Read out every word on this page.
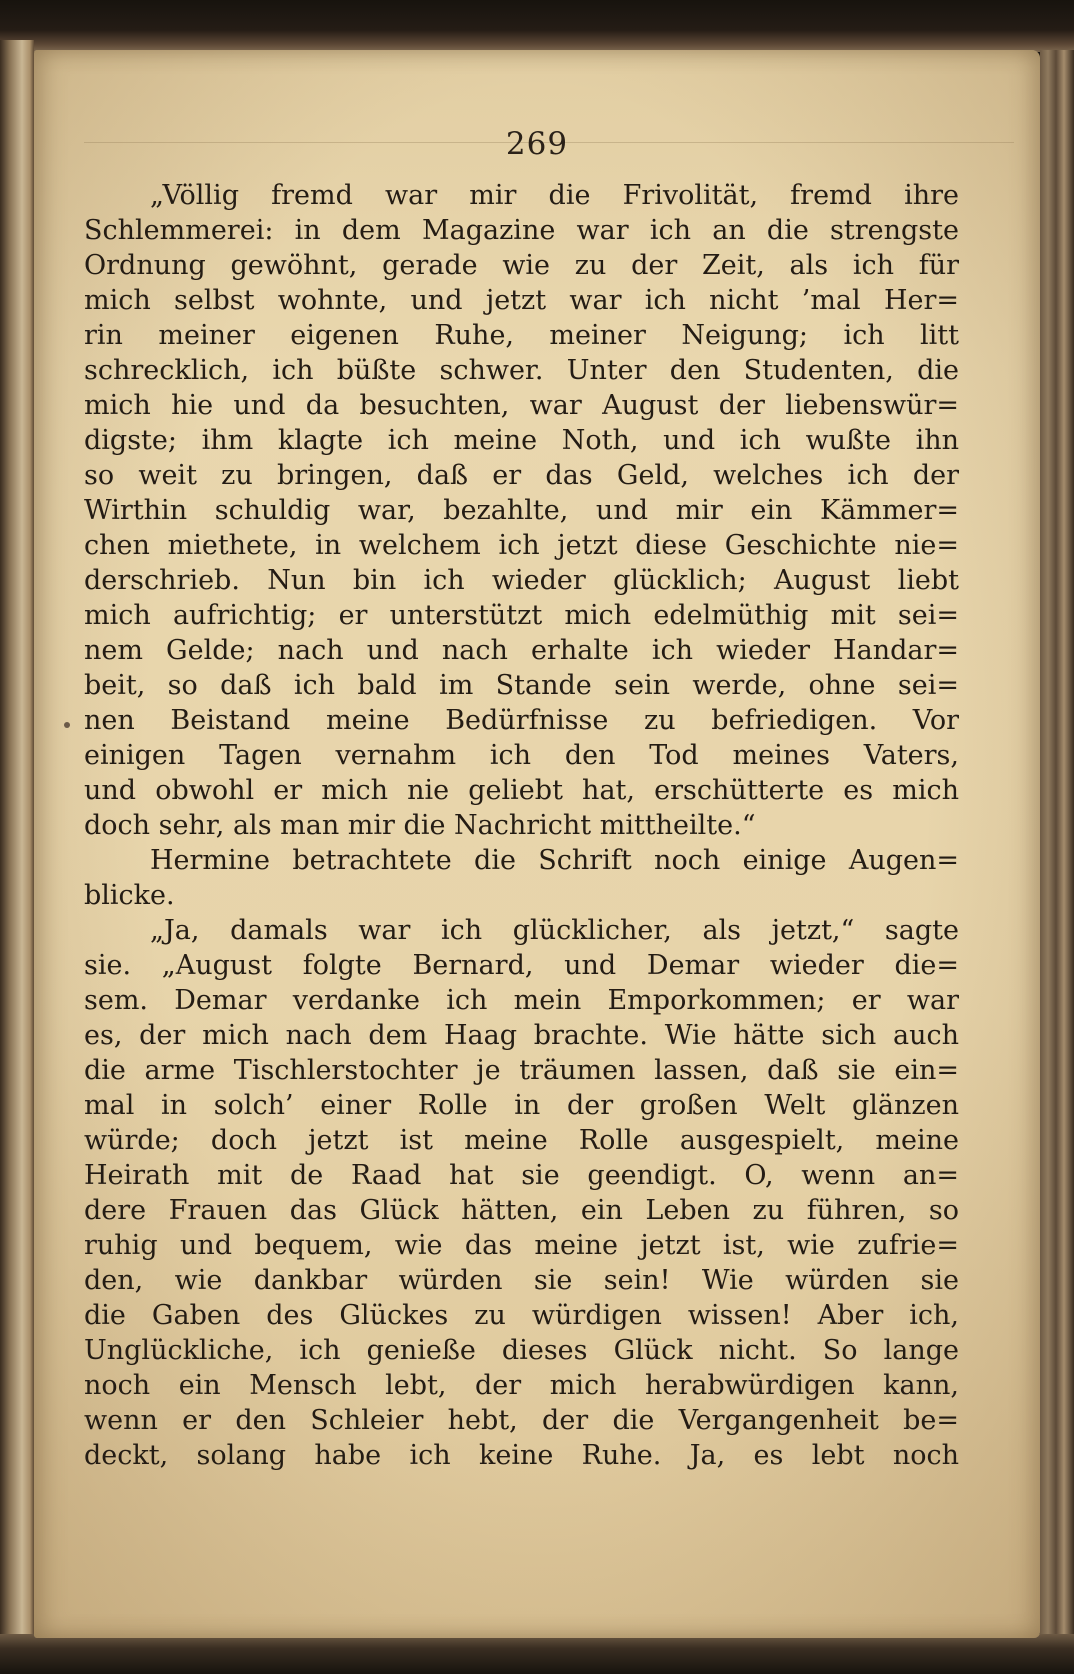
269
„Völlig fremd war mir die Frivolität, fremd ihre
Schlemmerei: in dem Magazine war ich an die strengste
Ordnung gewöhnt, gerade wie zu der Zeit, als ich für
mich selbst wohnte, und jetzt war ich nicht ’mal Her=
rin meiner eigenen Ruhe, meiner Neigung; ich litt
schrecklich, ich büßte schwer. Unter den Studenten, die
mich hie und da besuchten, war August der liebenswür=
digste; ihm klagte ich meine Noth, und ich wußte ihn
so weit zu bringen, daß er das Geld, welches ich der
Wirthin schuldig war, bezahlte, und mir ein Kämmer=
chen miethete, in welchem ich jetzt diese Geschichte nie=
derschrieb. Nun bin ich wieder glücklich; August liebt
mich aufrichtig; er unterstützt mich edelmüthig mit sei=
nem Gelde; nach und nach erhalte ich wieder Handar=
beit, so daß ich bald im Stande sein werde, ohne sei=
nen Beistand meine Bedürfnisse zu befriedigen. Vor
einigen Tagen vernahm ich den Tod meines Vaters,
und obwohl er mich nie geliebt hat, erschütterte es mich
doch sehr, als man mir die Nachricht mittheilte.“
Hermine betrachtete die Schrift noch einige Augen=
blicke.
„Ja, damals war ich glücklicher, als jetzt,“ sagte
sie. „August folgte Bernard, und Demar wieder die=
sem. Demar verdanke ich mein Emporkommen; er war
es, der mich nach dem Haag brachte. Wie hätte sich auch
die arme Tischlerstochter je träumen lassen, daß sie ein=
mal in solch’ einer Rolle in der großen Welt glänzen
würde; doch jetzt ist meine Rolle ausgespielt, meine
Heirath mit de Raad hat sie geendigt. O, wenn an=
dere Frauen das Glück hätten, ein Leben zu führen, so
ruhig und bequem, wie das meine jetzt ist, wie zufrie=
den, wie dankbar würden sie sein! Wie würden sie
die Gaben des Glückes zu würdigen wissen! Aber ich,
Unglückliche, ich genieße dieses Glück nicht. So lange
noch ein Mensch lebt, der mich herabwürdigen kann,
wenn er den Schleier hebt, der die Vergangenheit be=
deckt, solang habe ich keine Ruhe. Ja, es lebt noch
